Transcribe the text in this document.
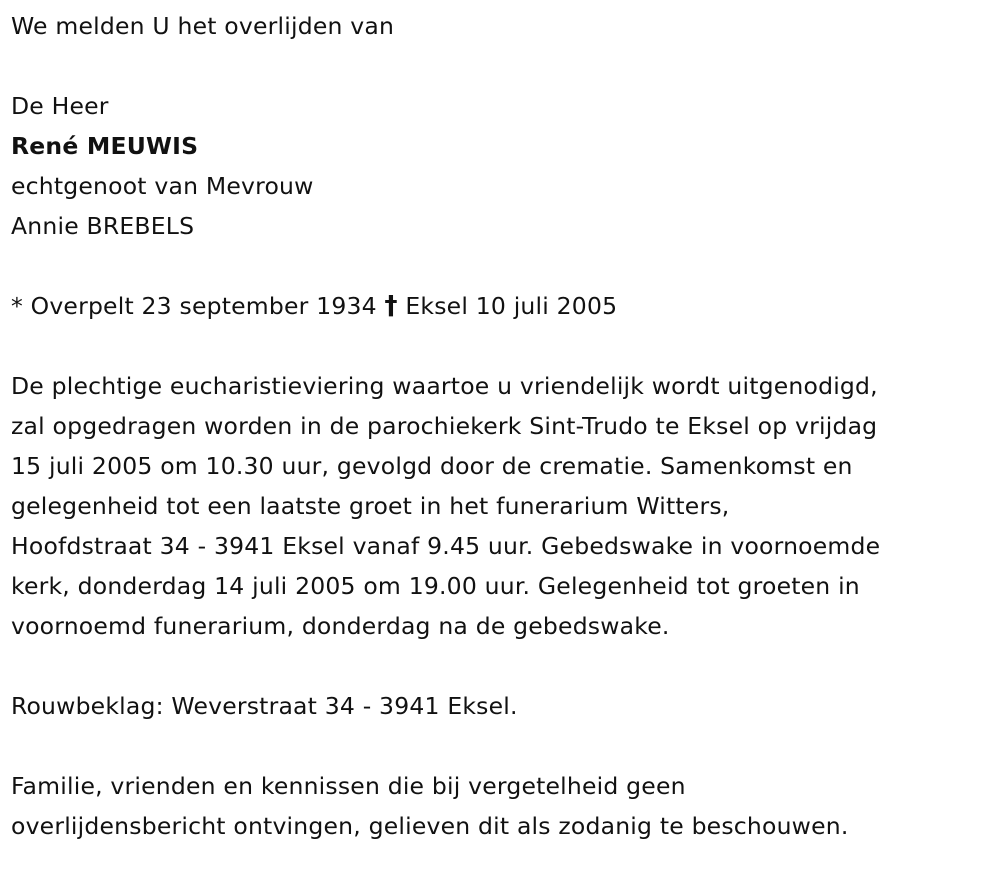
We melden U het overlijden van
De Heer
René MEUWIS
echtgenoot van Mevrouw
Annie BREBELS
* Overpelt 23 september 1934 † Eksel 10 juli 2005
De plechtige eucharistieviering waartoe u vriendelijk wordt uitgenodigd,
zal opgedragen worden in de parochiekerk Sint-Trudo te Eksel op vrijdag
15 juli 2005 om 10.30 uur, gevolgd door de crematie. Samenkomst en
gelegenheid tot een laatste groet in het funerarium Witters,
Hoofdstraat 34 - 3941 Eksel vanaf 9.45 uur. Gebedswake in voornoemde
kerk, donderdag 14 juli 2005 om 19.00 uur. Gelegenheid tot groeten in
voornoemd funerarium, donderdag na de gebedswake.
Rouwbeklag: Weverstraat 34 - 3941 Eksel.
Familie, vrienden en kennissen die bij vergetelheid geen
overlijdensbericht ontvingen, gelieven dit als zodanig te beschouwen.
